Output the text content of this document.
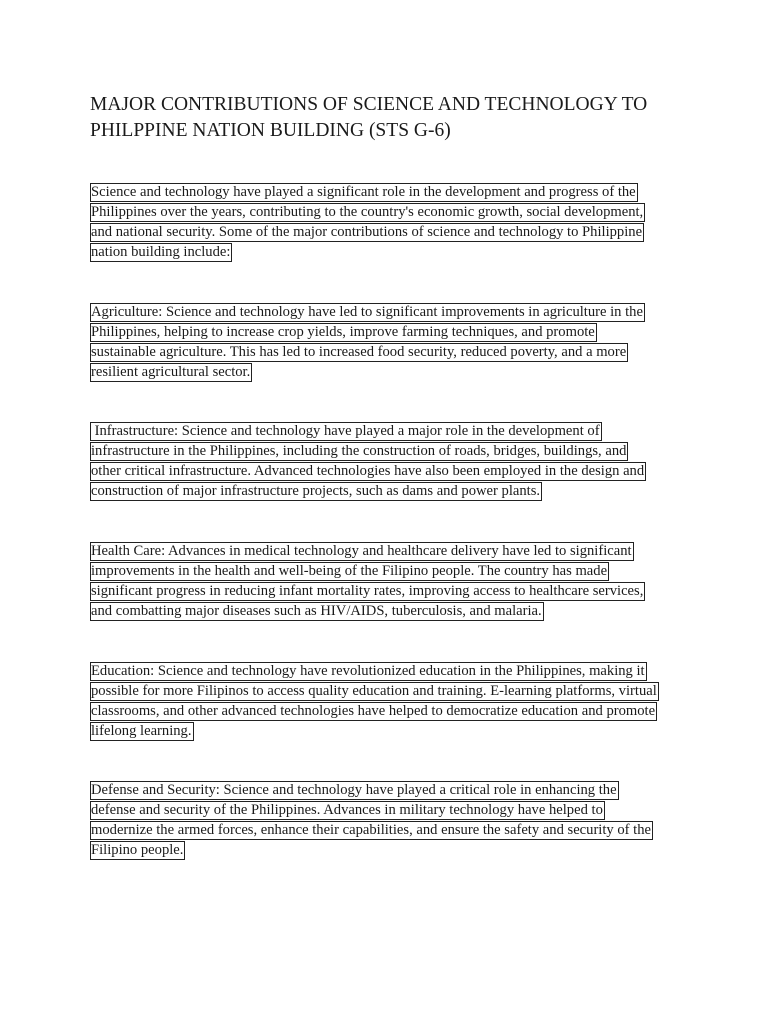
MAJOR CONTRIBUTIONS OF SCIENCE AND TECHNOLOGY TO
PHILPPINE NATION BUILDING (STS G-6)
Science and technology have played a significant role in the development and progress of the
Philippines over the years, contributing to the country's economic growth, social development,
and national security. Some of the major contributions of science and technology to Philippine
nation building include:
Agriculture: Science and technology have led to significant improvements in agriculture in the
Philippines, helping to increase crop yields, improve farming techniques, and promote
sustainable agriculture. This has led to increased food security, reduced poverty, and a more
resilient agricultural sector.
Infrastructure: Science and technology have played a major role in the development of
infrastructure in the Philippines, including the construction of roads, bridges, buildings, and
other critical infrastructure. Advanced technologies have also been employed in the design and
construction of major infrastructure projects, such as dams and power plants.
Health Care: Advances in medical technology and healthcare delivery have led to significant
improvements in the health and well-being of the Filipino people. The country has made
significant progress in reducing infant mortality rates, improving access to healthcare services,
and combatting major diseases such as HIV/AIDS, tuberculosis, and malaria.
Education: Science and technology have revolutionized education in the Philippines, making it
possible for more Filipinos to access quality education and training. E-learning platforms, virtual
classrooms, and other advanced technologies have helped to democratize education and promote
lifelong learning.
Defense and Security: Science and technology have played a critical role in enhancing the
defense and security of the Philippines. Advances in military technology have helped to
modernize the armed forces, enhance their capabilities, and ensure the safety and security of the
Filipino people.
